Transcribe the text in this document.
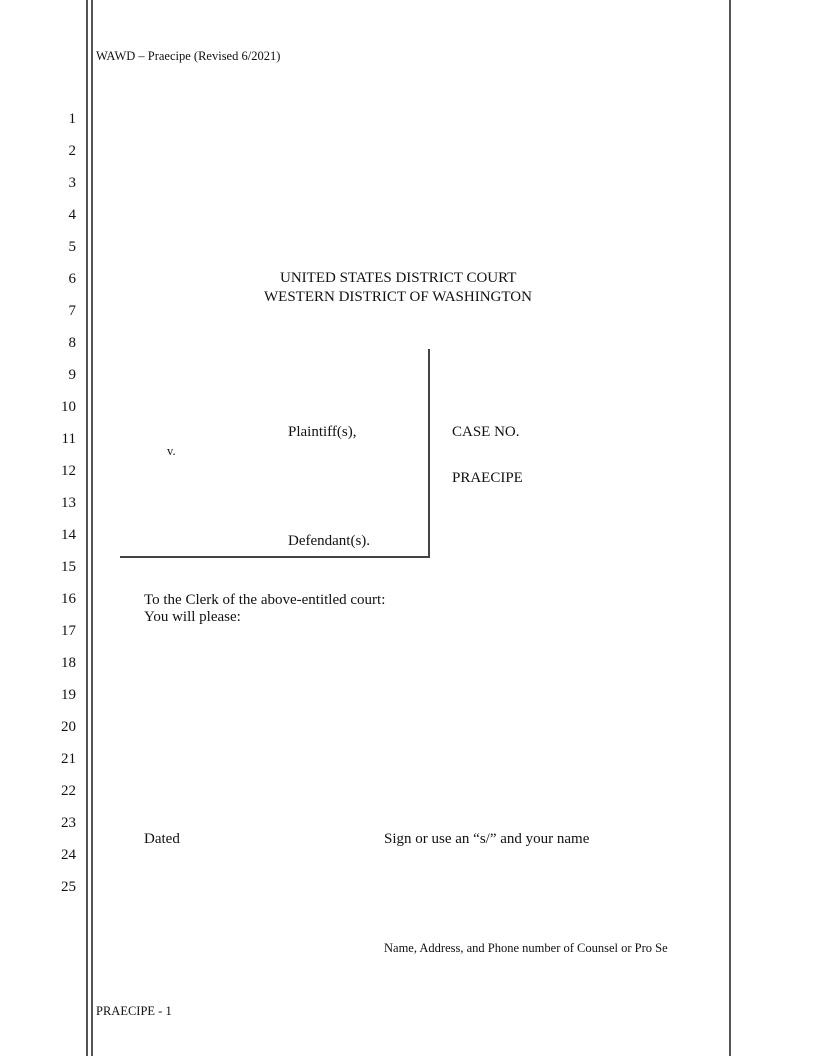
WAWD – Praecipe (Revised 6/2021)
1
2
3
4
5
6
7
8
9
10
11
12
13
14
15
16
17
18
19
20
21
22
23
24
25
UNITED STATES DISTRICT COURT
WESTERN DISTRICT OF WASHINGTON
Plaintiff(s),
v.
Defendant(s).
CASE NO.
PRAECIPE
To the Clerk of the above-entitled court:
You will please:
Dated	Sign or use an “s/” and your name
Name, Address, and Phone number of Counsel or Pro Se
PRAECIPE - 1
